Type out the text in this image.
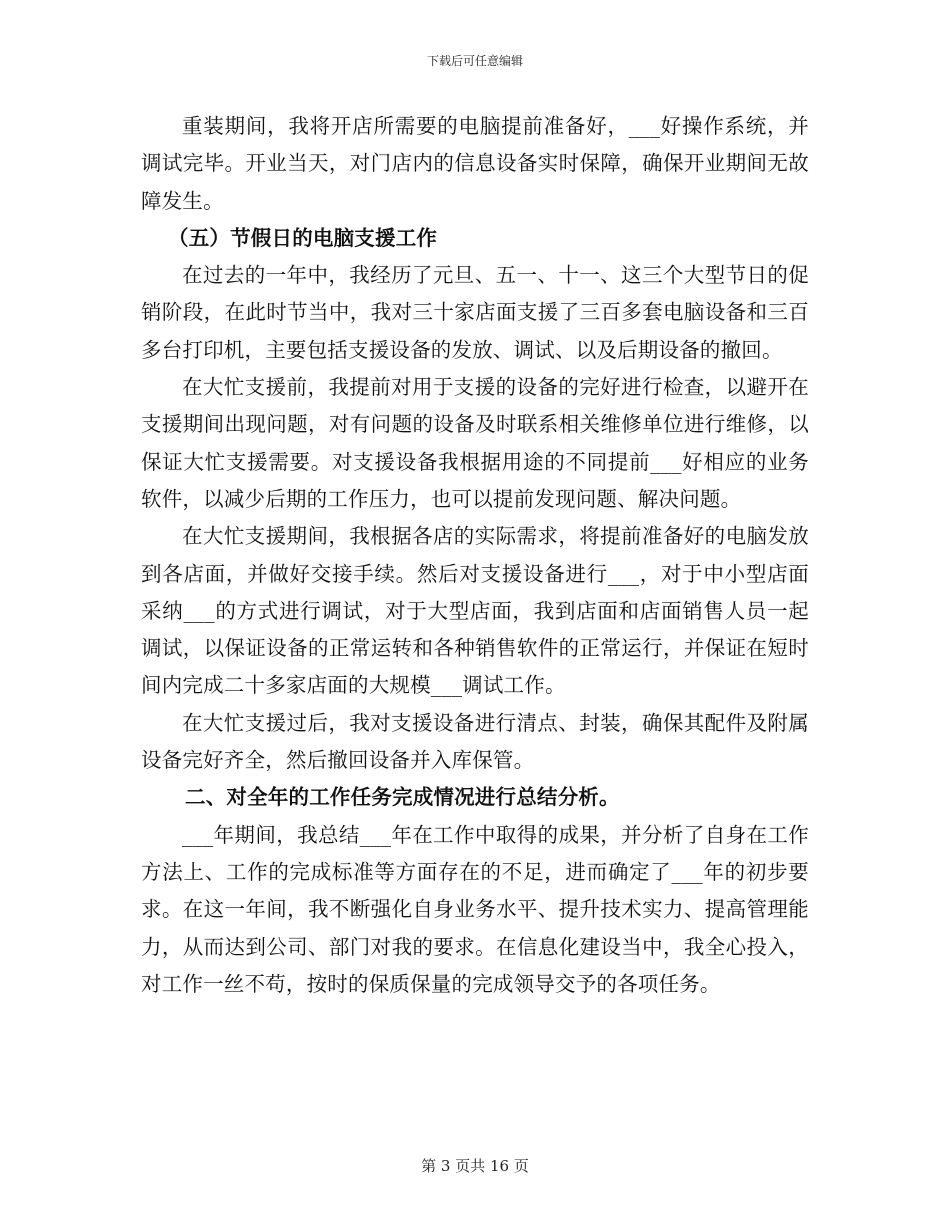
下载后可任意编辑

重装期间，我将开店所需要的电脑提前准备好，___好操作系统，并调试完毕。开业当天，对门店内的信息设备实时保障，确保开业期间无故障发生。

（五）节假日的电脑支援工作

在过去的一年中，我经历了元旦、五一、十一、这三个大型节日的促销阶段，在此时节当中，我对三十家店面支援了三百多套电脑设备和三百多台打印机，主要包括支援设备的发放、调试、以及后期设备的撤回。

在大忙支援前，我提前对用于支援的设备的完好进行检查，以避开在支援期间出现问题，对有问题的设备及时联系相关维修单位进行维修，以保证大忙支援需要。对支援设备我根据用途的不同提前___好相应的业务软件，以减少后期的工作压力，也可以提前发现问题、解决问题。

在大忙支援期间，我根据各店的实际需求，将提前准备好的电脑发放到各店面，并做好交接手续。然后对支援设备进行___，对于中小型店面采纳___的方式进行调试，对于大型店面，我到店面和店面销售人员一起调试，以保证设备的正常运转和各种销售软件的正常运行，并保证在短时间内完成二十多家店面的大规模___调试工作。

在大忙支援过后，我对支援设备进行清点、封装，确保其配件及附属设备完好齐全，然后撤回设备并入库保管。

二、对全年的工作任务完成情况进行总结分析。

___年期间，我总结___年在工作中取得的成果，并分析了自身在工作方法上、工作的完成标准等方面存在的不足，进而确定了___年的初步要求。在这一年间，我不断强化自身业务水平、提升技术实力、提高管理能力，从而达到公司、部门对我的要求。在信息化建设当中，我全心投入，对工作一丝不苟，按时的保质保量的完成领导交予的各项任务。

第 3 页共 16 页
